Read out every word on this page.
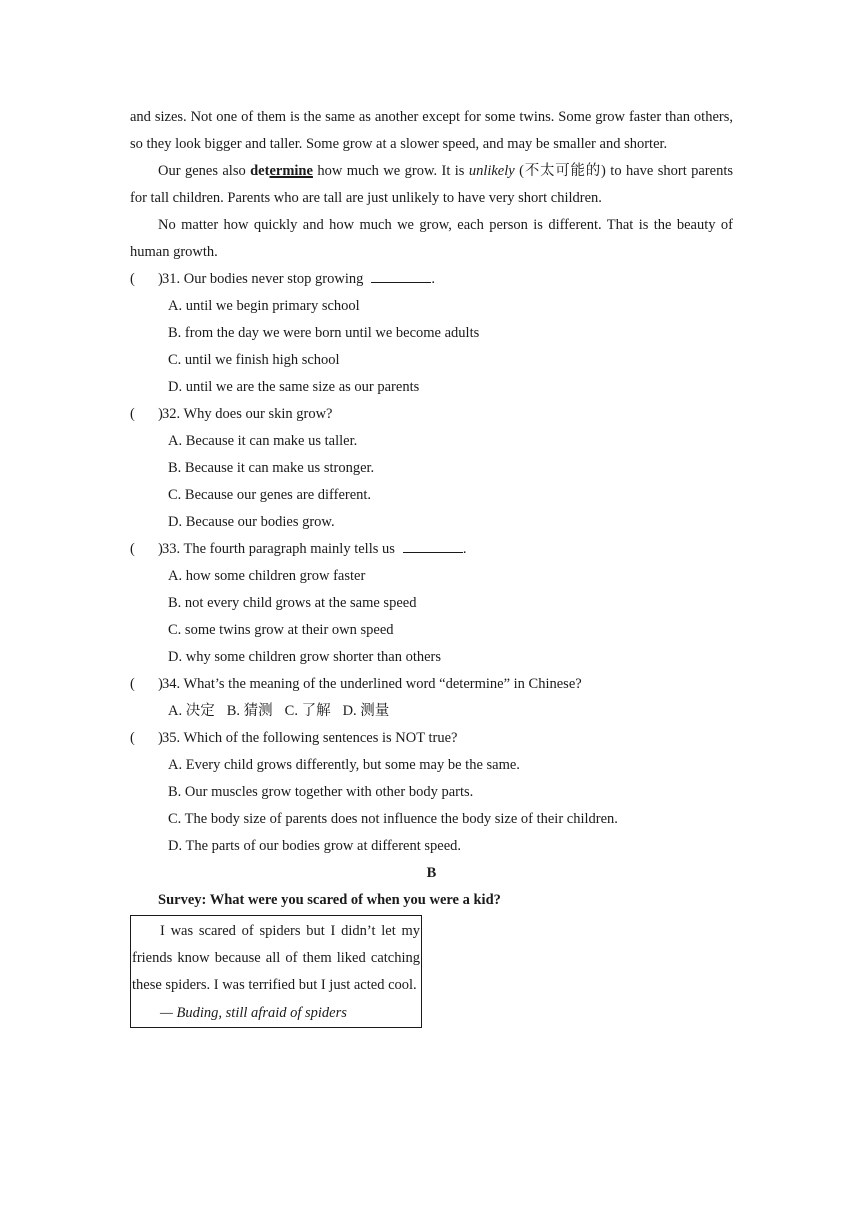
and sizes. Not one of them is the same as another except for some twins. Some grow faster than others, so they look bigger and taller. Some grow at a slower speed, and may be smaller and shorter.

Our genes also determine how much we grow. It is unlikely (不太可能的) to have short parents for tall children. Parents who are tall are just unlikely to have very short children.

No matter how quickly and how much we grow, each person is different. That is the beauty of human growth.

( ) 31. Our bodies never stop growing	.
A. until we begin primary school
B. from the day we were born until we become adults
C. until we finish high school
D. until we are the same size as our parents
( ) 32. Why does our skin grow?
A. Because it can make us taller.
B. Because it can make us stronger.
C. Because our genes are different.
D. Because our bodies grow.
( ) 33. The fourth paragraph mainly tells us	.
A. how some children grow faster
B. not every child grows at the same speed
C. some twins grow at their own speed
D. why some children grow shorter than others
( ) 34. What’s the meaning of the underlined word “determine” in Chinese?
A. 决定 B. 猜测 C. 了解 D. 测量
( ) 35. Which of the following sentences is NOT true?
A. Every child grows differently, but some may be the same.
B. Our muscles grow together with other body parts.
C. The body size of parents does not influence the body size of their children.
D. The parts of our bodies grow at different speed.
B
Survey: What were you scared of when you were a kid?

I was scared of spiders but I didn’t let my friends know because all of them liked catching these spiders. I was terrified but I just acted cool.

— Buding, still afraid of spiders
